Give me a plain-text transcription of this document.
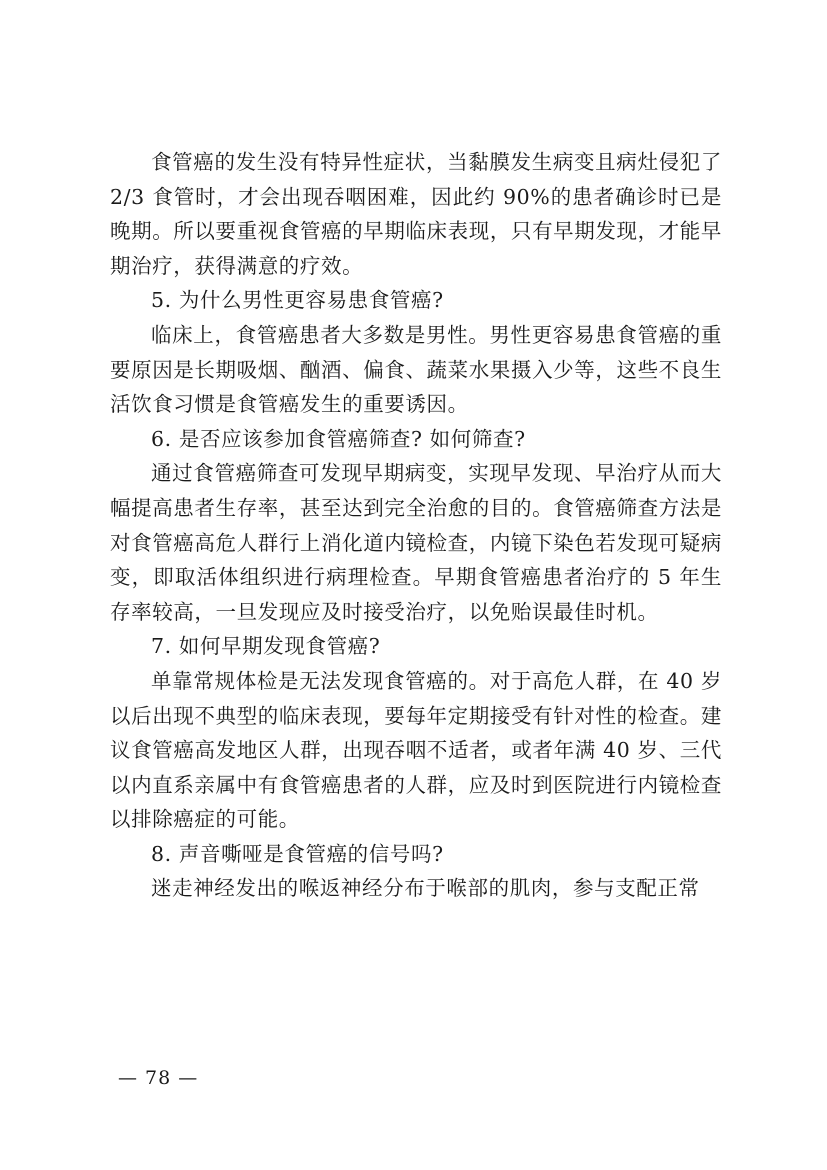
食管癌的发生没有特异性症状，当黏膜发生病变且病灶侵犯了 2/3 食管时，才会出现吞咽困难，因此约 90%的患者确诊时已是晚期。所以要重视食管癌的早期临床表现，只有早期发现，才能早期治疗，获得满意的疗效。

5. 为什么男性更容易患食管癌?

临床上，食管癌患者大多数是男性。男性更容易患食管癌的重要原因是长期吸烟、酗酒、偏食、蔬菜水果摄入少等，这些不良生活饮食习惯是食管癌发生的重要诱因。

6. 是否应该参加食管癌筛查? 如何筛查?

通过食管癌筛查可发现早期病变，实现早发现、早治疗从而大幅提高患者生存率，甚至达到完全治愈的目的。食管癌筛查方法是对食管癌高危人群行上消化道内镜检查，内镜下染色若发现可疑病变，即取活体组织进行病理检查。早期食管癌患者治疗的 5 年生存率较高，一旦发现应及时接受治疗，以免贻误最佳时机。

7. 如何早期发现食管癌?

单靠常规体检是无法发现食管癌的。对于高危人群，在 40 岁以后出现不典型的临床表现，要每年定期接受有针对性的检查。建议食管癌高发地区人群，出现吞咽不适者，或者年满 40 岁、三代以内直系亲属中有食管癌患者的人群，应及时到医院进行内镜检查以排除癌症的可能。

8. 声音嘶哑是食管癌的信号吗?

迷走神经发出的喉返神经分布于喉部的肌肉，参与支配正常

— 78 —
